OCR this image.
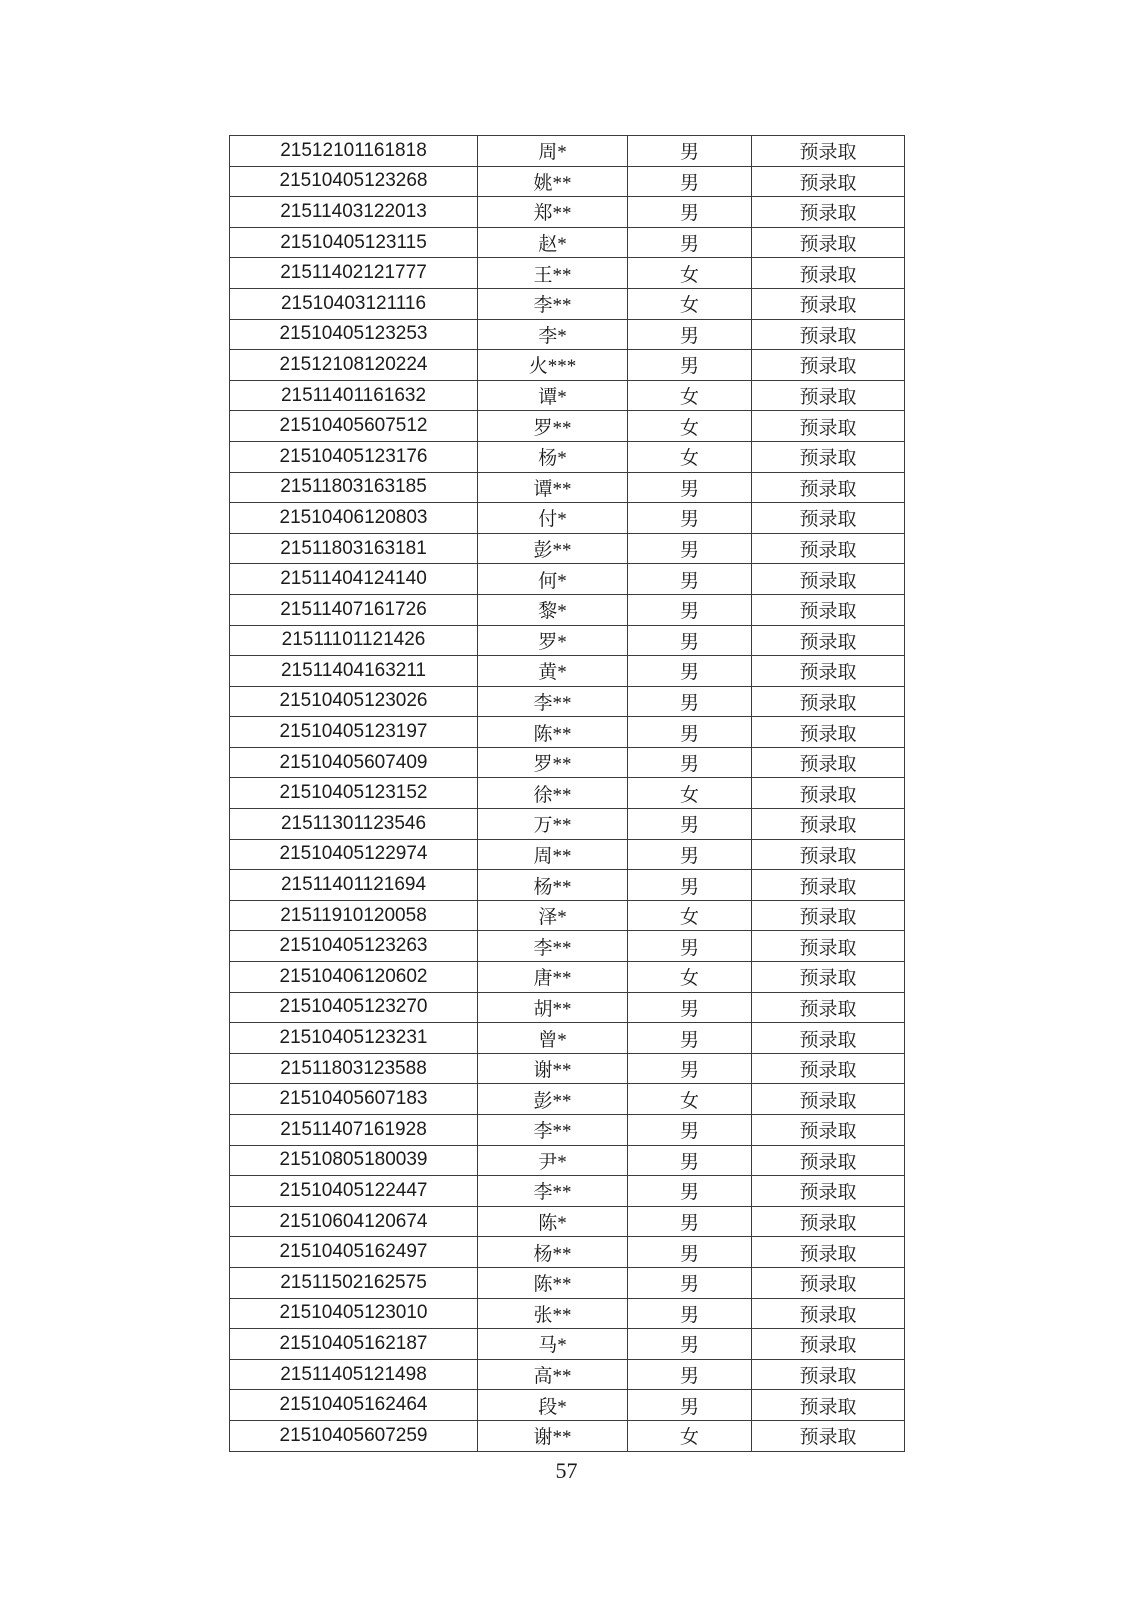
21512101161818	周*	男	预录取
21510405123268	姚**	男	预录取
21511403122013	郑**	男	预录取
21510405123115	赵*	男	预录取
21511402121777	王**	女	预录取
21510403121116	李**	女	预录取
21510405123253	李*	男	预录取
21512108120224	火***	男	预录取
21511401161632	谭*	女	预录取
21510405607512	罗**	女	预录取
21510405123176	杨*	女	预录取
21511803163185	谭**	男	预录取
21510406120803	付*	男	预录取
21511803163181	彭**	男	预录取
21511404124140	何*	男	预录取
21511407161726	黎*	男	预录取
21511101121426	罗*	男	预录取
21511404163211	黄*	男	预录取
21510405123026	李**	男	预录取
21510405123197	陈**	男	预录取
21510405607409	罗**	男	预录取
21510405123152	徐**	女	预录取
21511301123546	万**	男	预录取
21510405122974	周**	男	预录取
21511401121694	杨**	男	预录取
21511910120058	泽*	女	预录取
21510405123263	李**	男	预录取
21510406120602	唐**	女	预录取
21510405123270	胡**	男	预录取
21510405123231	曾*	男	预录取
21511803123588	谢**	男	预录取
21510405607183	彭**	女	预录取
21511407161928	李**	男	预录取
21510805180039	尹*	男	预录取
21510405122447	李**	男	预录取
21510604120674	陈*	男	预录取
21510405162497	杨**	男	预录取
21511502162575	陈**	男	预录取
21510405123010	张**	男	预录取
21510405162187	马*	男	预录取
21511405121498	高**	男	预录取
21510405162464	段*	男	预录取
21510405607259	谢**	女	预录取
57
